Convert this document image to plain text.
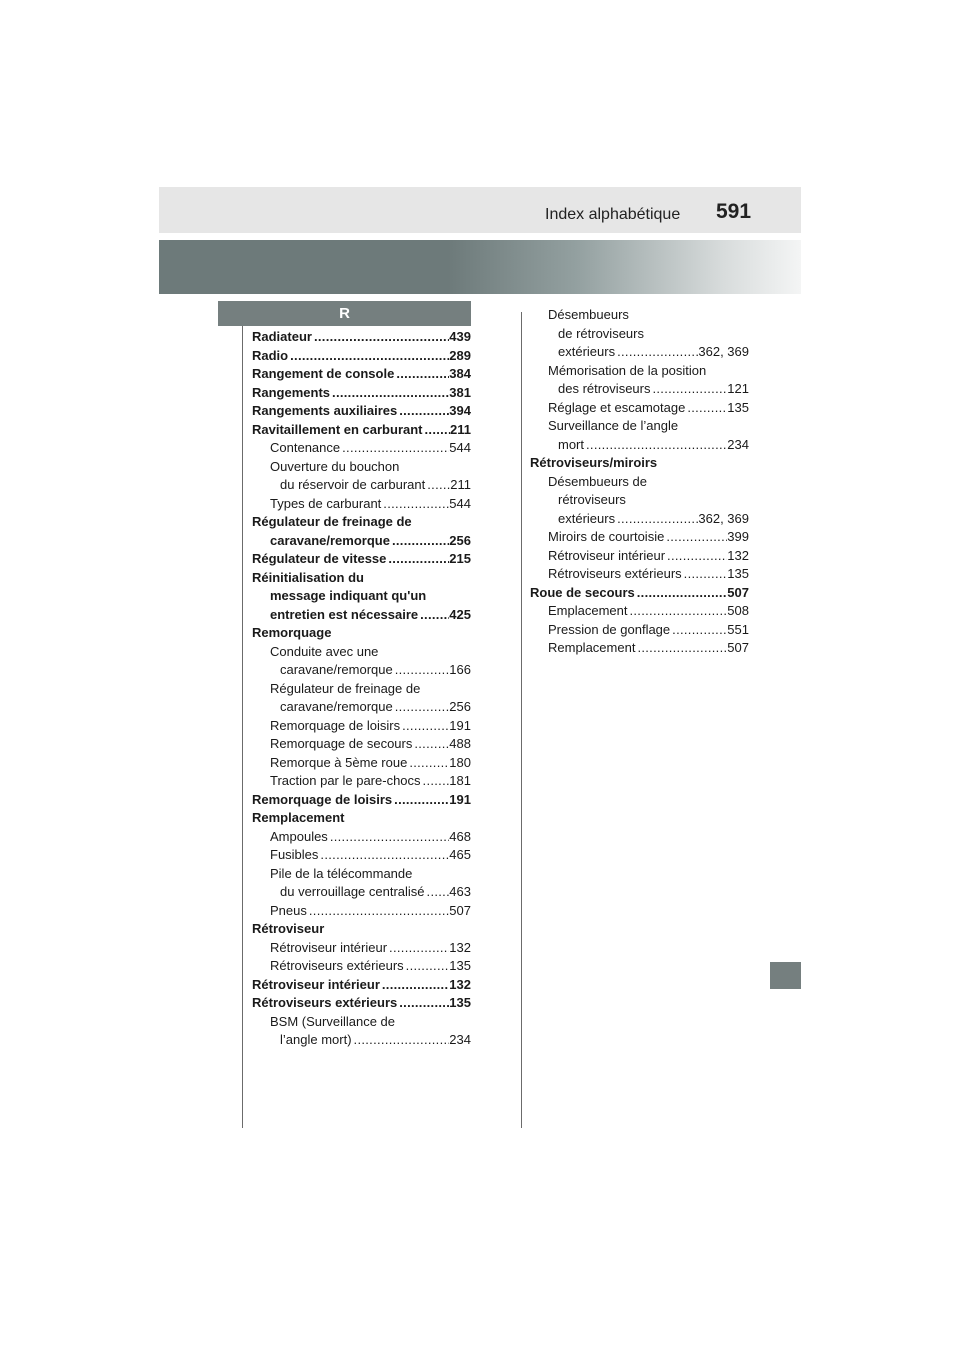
Index alphabétique 591
R
Radiateur .....	439
Radio .....	289
Rangement de console .....	384
Rangements .....	381
Rangements auxiliaires .....	394
Ravitaillement en carburant ..... 211
Contenance .....	544
Ouverture du bouchon
du réservoir de carburant ..... 211
Types de carburant .....	544
Régulateur de freinage de
caravane/remorque .....	256
Régulateur de vitesse .....	215
Réinitialisation du
message indiquant qu'un
entretien est nécessaire ..... 425
Remorquage
Conduite avec une
caravane/remorque .....	166
Régulateur de freinage de
caravane/remorque .....	256
Remorquage de loisirs .....	191
Remorquage de secours .....	488
Remorque à 5ème roue .....	180
Traction par le pare-chocs ..... 181
Remorquage de loisirs .....	191
Remplacement
Ampoules .....	468
Fusibles .....	465
Pile de la télécommande
du verrouillage centralisé ..... 463
Pneus .....	507
Rétroviseur
Rétroviseur intérieur .....	132
Rétroviseurs extérieurs .....	135
Rétroviseur intérieur .....	132
Rétroviseurs extérieurs .....	135
BSM (Surveillance de
l’angle mort) .....	234
Désembueurs
de rétroviseurs
extérieurs .....	362, 369
Mémorisation de la position
des rétroviseurs .....	121
Réglage et escamotage .....	135
Surveillance de l’angle
mort .....	234
Rétroviseurs/miroirs
Désembueurs de
rétroviseurs
extérieurs .....	362, 369
Miroirs de courtoisie .....	399
Rétroviseur intérieur .....	132
Rétroviseurs extérieurs .....	135
Roue de secours .....	507
Emplacement .....	508
Pression de gonflage .....	551
Remplacement .....	507
